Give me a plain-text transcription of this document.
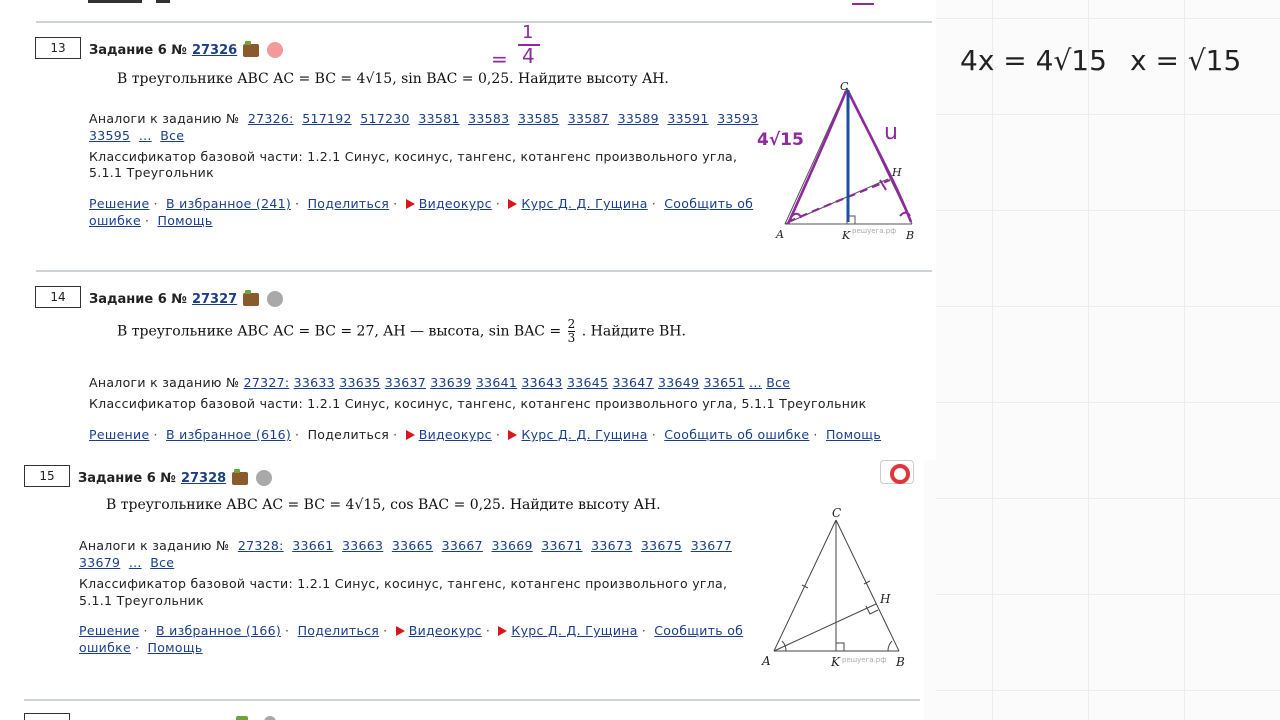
13	Задание 6 № 27326
В треугольнике ABC AC = BC = 4√15, sin BAC = 0,25. Найдите высоту AH.
Аналоги к заданию № 27326: 517192 517230 33581 33583 33585 33587 33589 33591 33593
33595 ... Все
Классификатор базовой части: 1.2.1 Синус, косинус, тангенс, котангенс произвольного угла,
5.1.1 Треугольник
Решение · В избранное (241) · Поделиться · Видеокурс · Курс Д. Д. Гущина · Сообщить об
ошибке · Помощь
C
A	B
H
K решуега.рф
=
1
4
4√15	u
4x = 4√15 x = √15
14	Задание 6 № 27327
В треугольнике ABC AC = BC = 27, AH — высота, sin BAC = $\frac{2}{3}$ . Найдите BH.
Аналоги к заданию № 27327: 33633 33635 33637 33639 33641 33643 33645 33647 33649 33651 ... Все
Классификатор базовой части: 1.2.1 Синус, косинус, тангенс, котангенс произвольного угла, 5.1.1 Треугольник
Решение · В избранное (616) · Поделиться · Видеокурс · Курс Д. Д. Гущина · Сообщить об ошибке · Помощь
15	Задание 6 № 27328
В треугольнике ABC AC = BC = 4√15, cos BAC = 0,25. Найдите высоту AH.
Аналоги к заданию № 27328: 33661 33663 33665 33667 33669 33671 33673 33675 33677
33679 ... Все
Классификатор базовой части: 1.2.1 Синус, косинус, тангенс, котангенс произвольного угла,
5.1.1 Треугольник
Решение · В избранное (166) · Поделиться · Видеокурс · Курс Д. Д. Гущина · Сообщить об
ошибке · Помощь
C
A	B
H
K решуега.рф
